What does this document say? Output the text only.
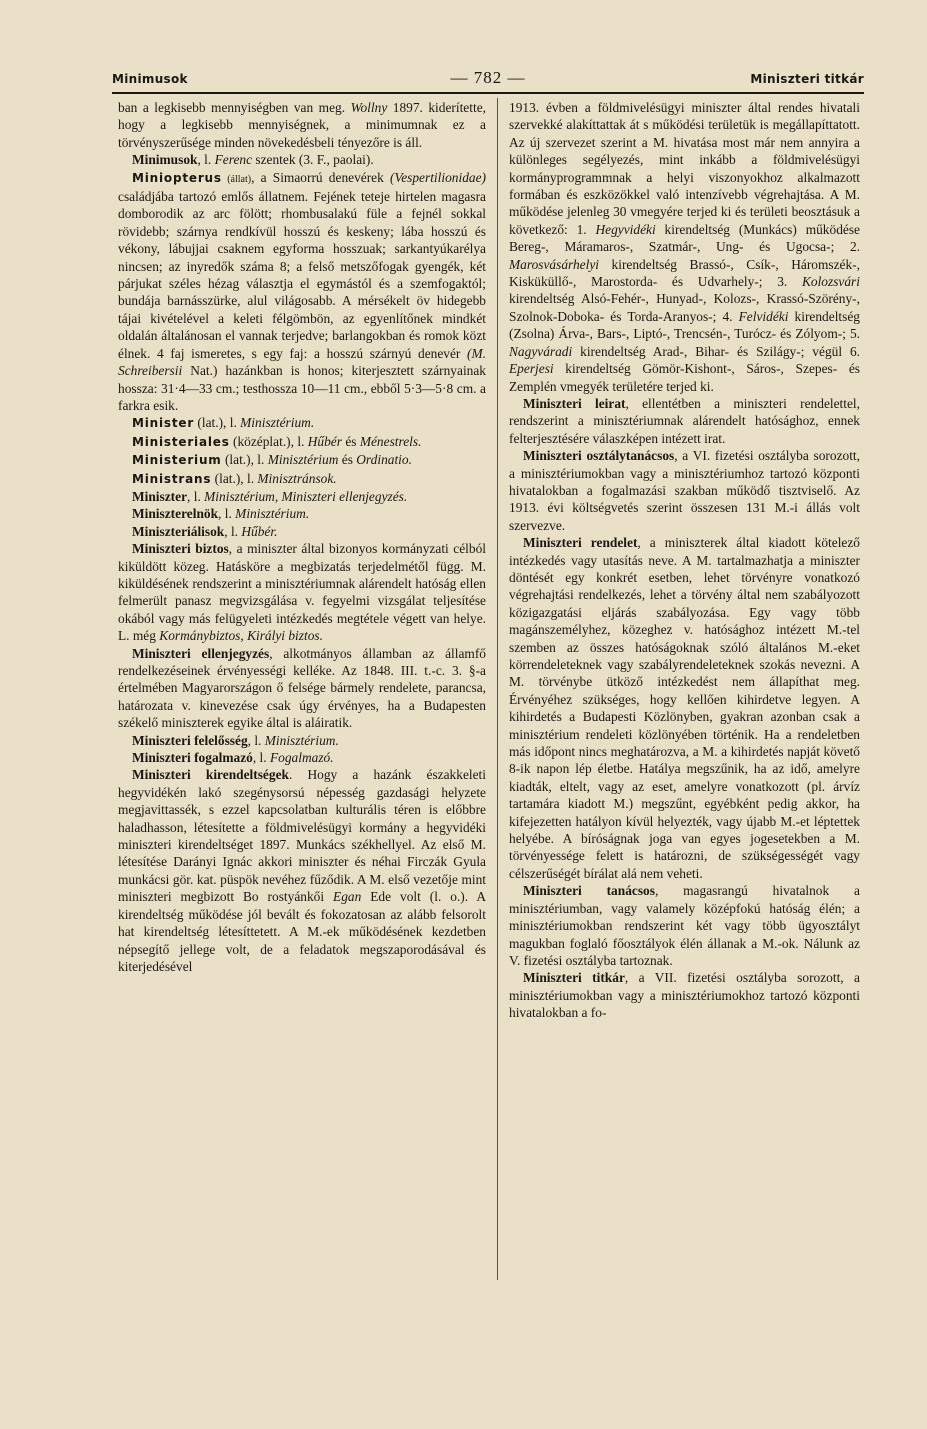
Minimusok	— 782 —	Miniszteri titkár

ban a legkisebb mennyiségben van meg. Wollny 1897. kiderítette, hogy a legkisebb mennyiségnek, a minimumnak ez a törvényszerűsége minden növekedésbeli tényezőre is áll.

Minimusok, l. Ferenc szentek (3. F., paolai).

Miniopterus (állat), a Simaorrú denevérek (Vespertilionidae) családjába tartozó emlős állatnem. Fejének teteje hirtelen magasra domborodik az arc fölött; rhombusalakú füle a fejnél sokkal rövidebb; szárnya rendkívül hosszú és keskeny; lába hosszú és vékony, lábujjai csaknem egyforma hosszuak; sarkantyúkarélya nincsen; az inyredők száma 8; a felső metszőfogak gyengék, két párjukat széles hézag választja el egymástól és a szemfogaktól; bundája barnásszürke, alul világosabb. A mérsékelt öv hidegebb tájai kivételével a keleti félgömbön, az egyenlítőnek mindkét oldalán általánosan el vannak terjedve; barlangokban és romok közt élnek. 4 faj ismeretes, s egy faj: a hosszú szárnyú denevér (M. Schreibersii Nat.) hazánkban is honos; kiterjesztett szárnyainak hossza: 31·4—33 cm.; testhossza 10—11 cm., ebből 5·3—5·8 cm. a farkra esik.

Minister (lat.), l. Minisztérium.

Ministeriales (középlat.), l. Hűbér és Ménestrels.

Ministerium (lat.), l. Minisztérium és Ordinatio.

Ministrans (lat.), l. Minisztránsok.

Miniszter, l. Minisztérium, Miniszteri ellenjegyzés.

Miniszterelnök, l. Minisztérium.

Miniszteriálisok, l. Hűbér.

Miniszteri biztos, a miniszter által bizonyos kormányzati célból kiküldött közeg. Hatásköre a megbizatás terjedelmétől függ. M. kiküldésének rendszerint a minisztériumnak alárendelt hatóság ellen felmerült panasz megvizsgálása v. fegyelmi vizsgálat teljesítése okából vagy más felügyeleti intézkedés megtétele végett van helye. L. még Kormánybiztos, Királyi biztos.

Miniszteri ellenjegyzés, alkotmányos államban az államfő rendelkezéseinek érvényességi kelléke. Az 1848. III. t.-c. 3. §-a értelmében Magyarországon ő felsége bármely rendelete, parancsa, határozata v. kinevezése csak úgy érvényes, ha a Budapesten székelő miniszterek egyike által is aláiratik.

Miniszteri felelősség, l. Minisztérium.

Miniszteri fogalmazó, l. Fogalmazó.

Miniszteri kirendeltségek. Hogy a hazánk északkeleti hegyvidékén lakó szegénysorsú népesség gazdasági helyzete megjavittassék, s ezzel kapcsolatban kulturális téren is előbbre haladhasson, létesítette a földmivelésügyi kormány a hegyvidéki miniszteri kirendeltséget 1897. Munkács székhellyel. Az első M. létesítése Darányi Ignác akkori miniszter és néhai Firczák Gyula munkácsi gör. kat. püspök nevéhez fűződik. A M. első vezetője mint miniszteri megbizott Bo rostyánkői Egan Ede volt (l. o.). A kirendeltség működése jól bevált és fokozatosan az alább felsorolt hat kirendeltség létesíttetett. A M.-ek működésének kezdetben népsegítő jellege volt, de a feladatok megszaporodásával és kiterjedésével

1913. évben a földmivelésügyi miniszter által rendes hivatali szervekké alakíttattak át s működési területük is megállapíttatott. Az új szervezet szerint a M. hivatása most már nem annyira a különleges segélyezés, mint inkább a földmivelésügyi kormányprogrammnak a helyi viszonyokhoz alkalmazott formában és eszközökkel való intenzívebb végrehajtása. A M. működése jelenleg 30 vmegyére terjed ki és területi beosztásuk a következő: 1. Hegyvidéki kirendeltség (Munkács) működése Bereg-, Máramaros-, Szatmár-, Ung- és Ugocsa-; 2. Marosvásárhelyi kirendeltség Brassó-, Csík-, Háromszék-, Kisküküllő-, Marostorda- és Udvarhely-; 3. Kolozsvári kirendeltség Alsó-Fehér-, Hunyad-, Kolozs-, Krassó-Szörény-, Szolnok-Doboka- és Torda-Aranyos-; 4. Felvidéki kirendeltség (Zsolna) Árva-, Bars-, Liptó-, Trencsén-, Turócz- és Zólyom-; 5. Nagyváradi kirendeltség Arad-, Bihar- és Szilágy-; végül 6. Eperjesi kirendeltség Gömör-Kishont-, Sáros-, Szepes- és Zemplén vmegyék területére terjed ki.

Miniszteri leirat, ellentétben a miniszteri rendelettel, rendszerint a minisztériumnak alárendelt hatósághoz, ennek felterjesztésére válaszképen intézett irat.

Miniszteri osztálytanácsos, a VI. fizetési osztályba sorozott, a minisztériumokban vagy a minisztériumhoz tartozó központi hivatalokban a fogalmazási szakban működő tisztviselő. Az 1913. évi költségvetés szerint összesen 131 M.-i állás volt szervezve.

Miniszteri rendelet, a miniszterek által kiadott kötelező intézkedés vagy utasítás neve. A M. tartalmazhatja a miniszter döntését egy konkrét esetben, lehet törvényre vonatkozó végrehajtási rendelkezés, lehet a törvény által nem szabályozott közigazgatási eljárás szabályozása. Egy vagy több magánszemélyhez, közeghez v. hatósághoz intézett M.-tel szemben az összes hatóságoknak szóló általános M.-eket körrendeleteknek vagy szabályrendeleteknek szokás nevezni. A M. törvénybe ütköző intézkedést nem állapíthat meg. Érvényéhez szükséges, hogy kellően kihirdetve legyen. A kihirdetés a Budapesti Közlönyben, gyakran azonban csak a minisztérium rendeleti közlönyében történik. Ha a rendeletben más időpont nincs meghatározva, a M. a kihirdetés napját követő 8-ik napon lép életbe. Hatálya megszűnik, ha az idő, amelyre kiadták, eltelt, vagy az eset, amelyre vonatkozott (pl. árvíz tartamára kiadott M.) megszűnt, egyébként pedig akkor, ha kifejezetten hatályon kívül helyezték, vagy újabb M.-et léptettek helyébe. A bíróságnak joga van egyes jogesetekben a M. törvényessége felett is határozni, de szükségességét vagy célszerűségét bírálat alá nem veheti.

Miniszteri tanácsos, magasrangú hivatalnok a minisztériumban, vagy valamely középfokú hatóság élén; a minisztériumokban rendszerint két vagy több ügyosztályt magukban foglaló főosztályok élén állanak a M.-ok. Nálunk az V. fizetési osztályba tartoznak.

Miniszteri titkár, a VII. fizetési osztályba sorozott, a minisztériumokban vagy a minisztériumokhoz tartozó központi hivatalokban a fo-
